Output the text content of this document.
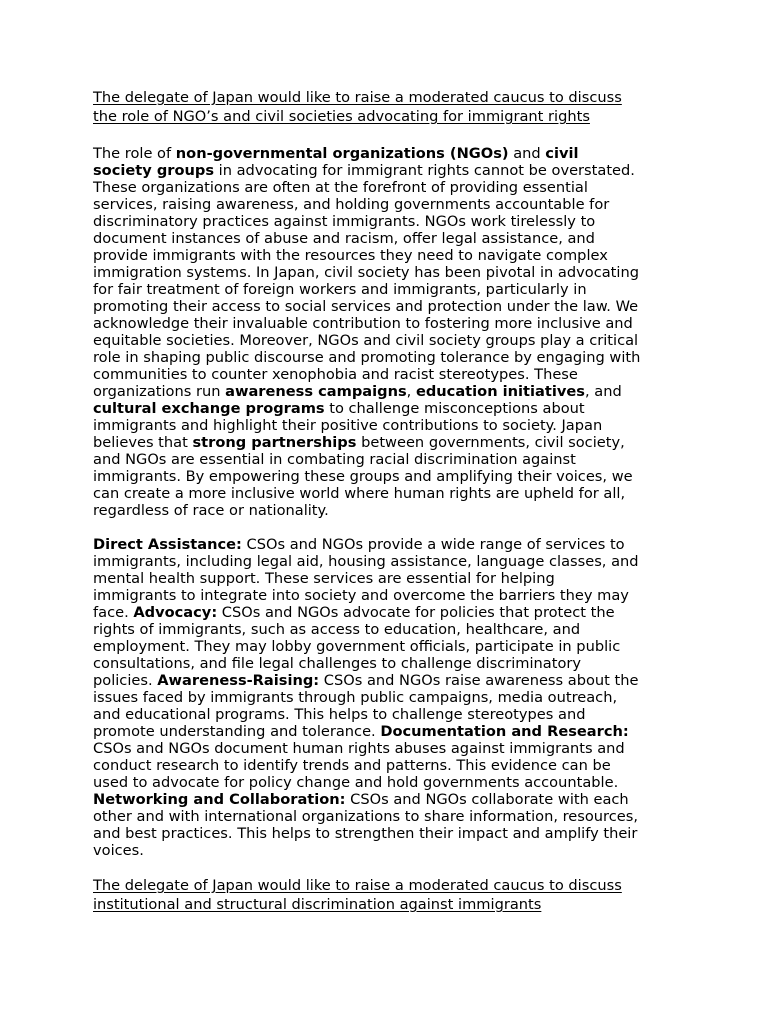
The delegate of Japan would like to raise a moderated caucus to discuss
the role of NGO’s and civil societies advocating for immigrant rights

The role of non-governmental organizations (NGOs) and civil
society groups in advocating for immigrant rights cannot be overstated.
These organizations are often at the forefront of providing essential
services, raising awareness, and holding governments accountable for
discriminatory practices against immigrants. NGOs work tirelessly to
document instances of abuse and racism, offer legal assistance, and
provide immigrants with the resources they need to navigate complex
immigration systems. In Japan, civil society has been pivotal in advocating
for fair treatment of foreign workers and immigrants, particularly in
promoting their access to social services and protection under the law. We
acknowledge their invaluable contribution to fostering more inclusive and
equitable societies. Moreover, NGOs and civil society groups play a critical
role in shaping public discourse and promoting tolerance by engaging with
communities to counter xenophobia and racist stereotypes. These
organizations run awareness campaigns, education initiatives, and
cultural exchange programs to challenge misconceptions about
immigrants and highlight their positive contributions to society. Japan
believes that strong partnerships between governments, civil society,
and NGOs are essential in combating racial discrimination against
immigrants. By empowering these groups and amplifying their voices, we
can create a more inclusive world where human rights are upheld for all,
regardless of race or nationality.

Direct Assistance: CSOs and NGOs provide a wide range of services to
immigrants, including legal aid, housing assistance, language classes, and
mental health support. These services are essential for helping
immigrants to integrate into society and overcome the barriers they may
face. Advocacy: CSOs and NGOs advocate for policies that protect the
rights of immigrants, such as access to education, healthcare, and
employment. They may lobby government officials, participate in public
consultations, and file legal challenges to challenge discriminatory
policies. Awareness-Raising: CSOs and NGOs raise awareness about the
issues faced by immigrants through public campaigns, media outreach,
and educational programs. This helps to challenge stereotypes and
promote understanding and tolerance. Documentation and Research:
CSOs and NGOs document human rights abuses against immigrants and
conduct research to identify trends and patterns. This evidence can be
used to advocate for policy change and hold governments accountable.
Networking and Collaboration: CSOs and NGOs collaborate with each
other and with international organizations to share information, resources,
and best practices. This helps to strengthen their impact and amplify their
voices.

The delegate of Japan would like to raise a moderated caucus to discuss
institutional and structural discrimination against immigrants
